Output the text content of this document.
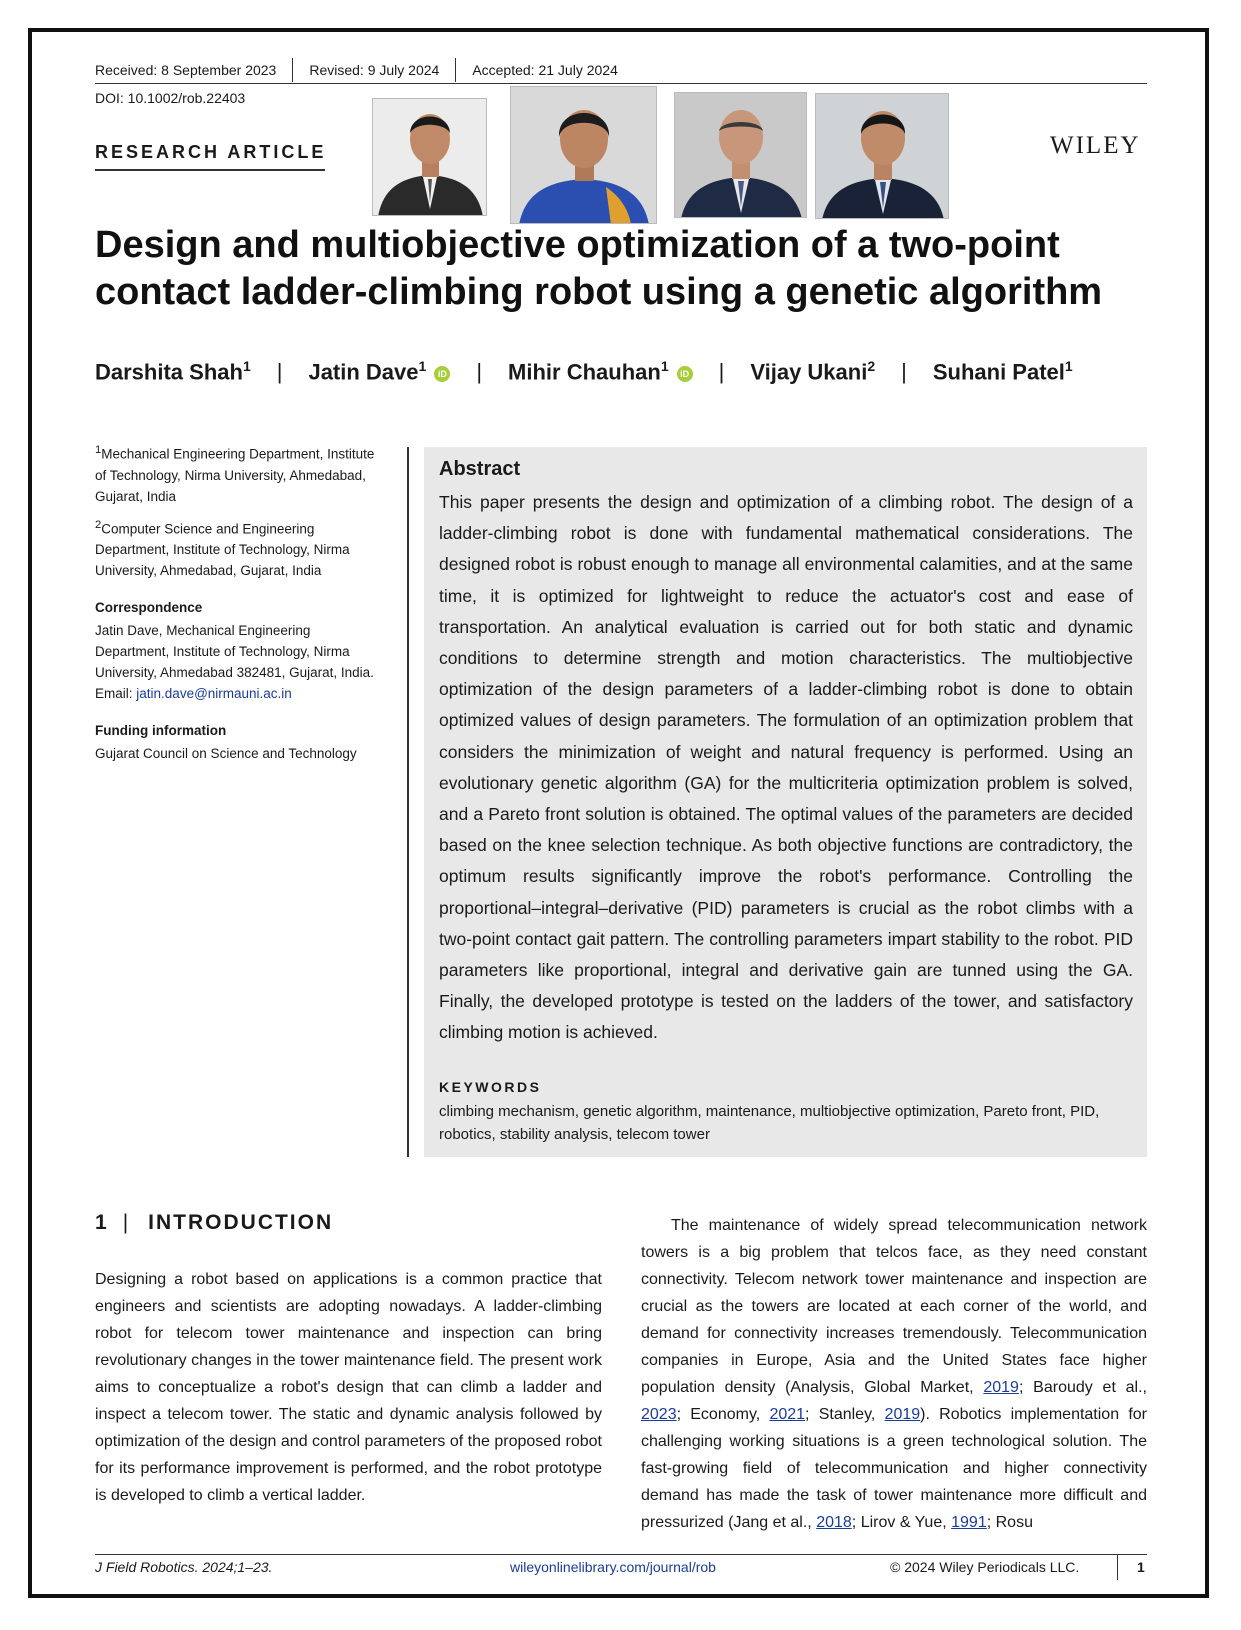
Received: 8 September 2023	Revised: 9 July 2024	Accepted: 21 July 2024
DOI: 10.1002/rob.22403
RESEARCH ARTICLE	WILEY
Design and multiobjective optimization of a two-point contact ladder-climbing robot using a genetic algorithm
Darshita Shah$^1$	|	Jatin Dave$^1$ iD	|	Mihir Chauhan$^1$ iD	|	Vijay Ukani$^2$	|	Suhani Patel$^1$

$^1$Mechanical Engineering Department, Institute of Technology, Nirma University, Ahmedabad, Gujarat, India

$^2$Computer Science and Engineering Department, Institute of Technology, Nirma University, Ahmedabad, Gujarat, India

Correspondence

Jatin Dave, Mechanical Engineering Department, Institute of Technology, Nirma University, Ahmedabad 382481, Gujarat, India.

Email: jatin.dave@nirmauni.ac.in

Funding information

Gujarat Council on Science and Technology

Abstract
This paper presents the design and optimization of a climbing robot. The design of a ladder-climbing robot is done with fundamental mathematical considerations. The designed robot is robust enough to manage all environmental calamities, and at the same time, it is optimized for lightweight to reduce the actuator's cost and ease of transportation. An analytical evaluation is carried out for both static and dynamic conditions to determine strength and motion characteristics. The multiobjective optimization of the design parameters of a ladder-climbing robot is done to obtain optimized values of design parameters. The formulation of an optimization problem that considers the minimization of weight and natural frequency is performed. Using an evolutionary genetic algorithm (GA) for the multicriteria optimization problem is solved, and a Pareto front solution is obtained. The optimal values of the parameters are decided based on the knee selection technique. As both objective functions are contradictory, the optimum results significantly improve the robot's performance. Controlling the proportional–integral–derivative (PID) parameters is crucial as the robot climbs with a two-point contact gait pattern. The controlling parameters impart stability to the robot. PID parameters like proportional, integral and derivative gain are tunned using the GA. Finally, the developed prototype is tested on the ladders of the tower, and satisfactory climbing motion is achieved.
KEYWORDS
climbing mechanism, genetic algorithm, maintenance, multiobjective optimization, Pareto front, PID, robotics, stability analysis, telecom tower
1 | INTRODUCTION
Designing a robot based on applications is a common practice that engineers and scientists are adopting nowadays. A ladder-climbing robot for telecom tower maintenance and inspection can bring revolutionary changes in the tower maintenance field. The present work aims to conceptualize a robot's design that can climb a ladder and inspect a telecom tower. The static and dynamic analysis followed by optimization of the design and control parameters of the proposed robot for its performance improvement is performed, and the robot prototype is developed to climb a vertical ladder.
The maintenance of widely spread telecommunication network towers is a big problem that telcos face, as they need constant connectivity. Telecom network tower maintenance and inspection are crucial as the towers are located at each corner of the world, and demand for connectivity increases tremendously. Telecommunication companies in Europe, Asia and the United States face higher population density (Analysis, Global Market, 2019; Baroudy et al., 2023; Economy, 2021; Stanley, 2019). Robotics implementation for challenging working situations is a green technological solution. The fast-growing field of telecommunication and higher connectivity demand has made the task of tower maintenance more difficult and pressurized (Jang et al., 2018; Lirov & Yue, 1991; Rosu
J Field Robotics. 2024;1–23.	wileyonlinelibrary.com/journal/rob	© 2024 Wiley Periodicals LLC.	1
